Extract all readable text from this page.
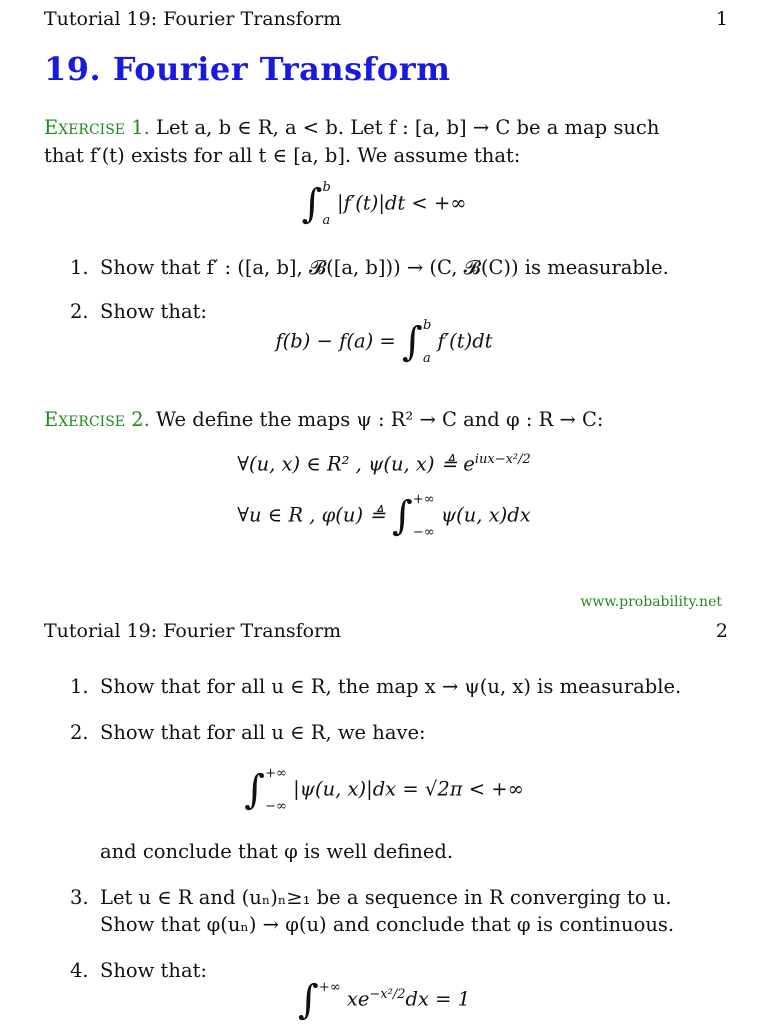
Tutorial 19: Fourier Transform	1
19. Fourier Transform
Exercise 1. Let a, b ∈ R, a < b. Let f : [a, b] → C be a map such
that f′(t) exists for all t ∈ [a, b]. We assume that:
∫ b
a
|f′(t)|dt < +∞
1. Show that f′ : ([a, b], 𝓑([a, b])) → (C, 𝓑(C)) is measurable.
2. Show that:
f(b) − f(a) = ∫ b
a
f′(t)dt
Exercise 2. We define the maps ψ : R² → C and φ : R → C:
∀(u, x) ∈ R² , ψ(u, x) ≜ $e^{iux-x^2/2}$
∀u ∈ R , φ(u) ≜ ∫ +∞
−∞
ψ(u, x)dx
www.probability.net
Tutorial 19: Fourier Transform	2
1. Show that for all u ∈ R, the map x → ψ(u, x) is measurable.
2. Show that for all u ∈ R, we have:
∫ +∞
−∞
|ψ(u, x)|dx = √2π < +∞
and conclude that φ is well defined.
3. Let u ∈ R and (uₙ)ₙ≥₁ be a sequence in R converging to u.
Show that φ(uₙ) → φ(u) and conclude that φ is continuous.
4. Show that:
∫ +∞ $xe^{-x^2/2}dx = 1$
